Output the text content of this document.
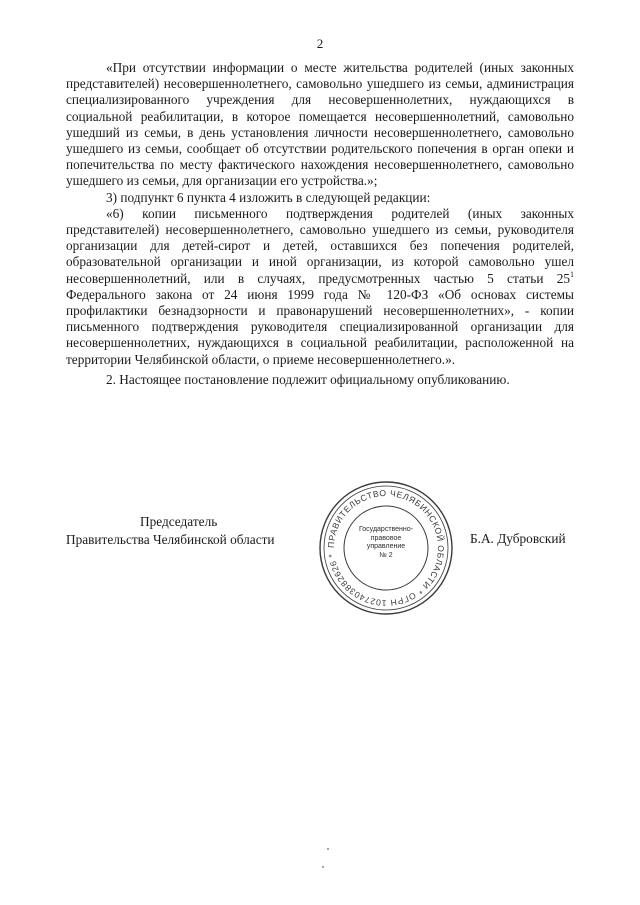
2

«При отсутствии информации о месте жительства родителей (иных законных представителей) несовершеннолетнего, самовольно ушедшего из семьи, администрация специализированного учреждения для несовершеннолетних, нуждающихся в социальной реабилитации, в которое помещается несовершеннолетний, самовольно ушедший из семьи, в день установления личности несовершеннолетнего, самовольно ушедшего из семьи, сообщает об отсутствии родительского попечения в орган опеки и попечительства по месту фактического нахождения несовершеннолетнего, самовольно ушедшего из семьи, для организации его устройства.»;

3) подпункт 6 пункта 4 изложить в следующей редакции:

«6) копии письменного подтверждения родителей (иных законных представителей) несовершеннолетнего, самовольно ушедшего из семьи, руководителя организации для детей-сирот и детей, оставшихся без попечения родителей, образовательной организации и иной организации, из которой самовольно ушел несовершеннолетний, или в случаях, предусмотренных частью 5 статьи $25^1$ Федерального закона от 24 июня 1999 года № 120-ФЗ «Об основах системы профилактики безнадзорности и правонарушений несовершеннолетних», - копии письменного подтверждения руководителя специализированной организации для несовершеннолетних, нуждающихся в социальной реабилитации, расположенной на территории Челябинской области, о приеме несовершеннолетнего.».

2. Настоящее постановление подлежит официальному опубликованию.

Председатель
Правительства Челябинской области	ПРАВИТЕЛЬСТВО ЧЕЛЯБИНСКОЙ ОБЛАСТИ * ОГРН 1027403882626 *
Государственно-
правовое
управление
№ 2
Б.А. Дубровский
